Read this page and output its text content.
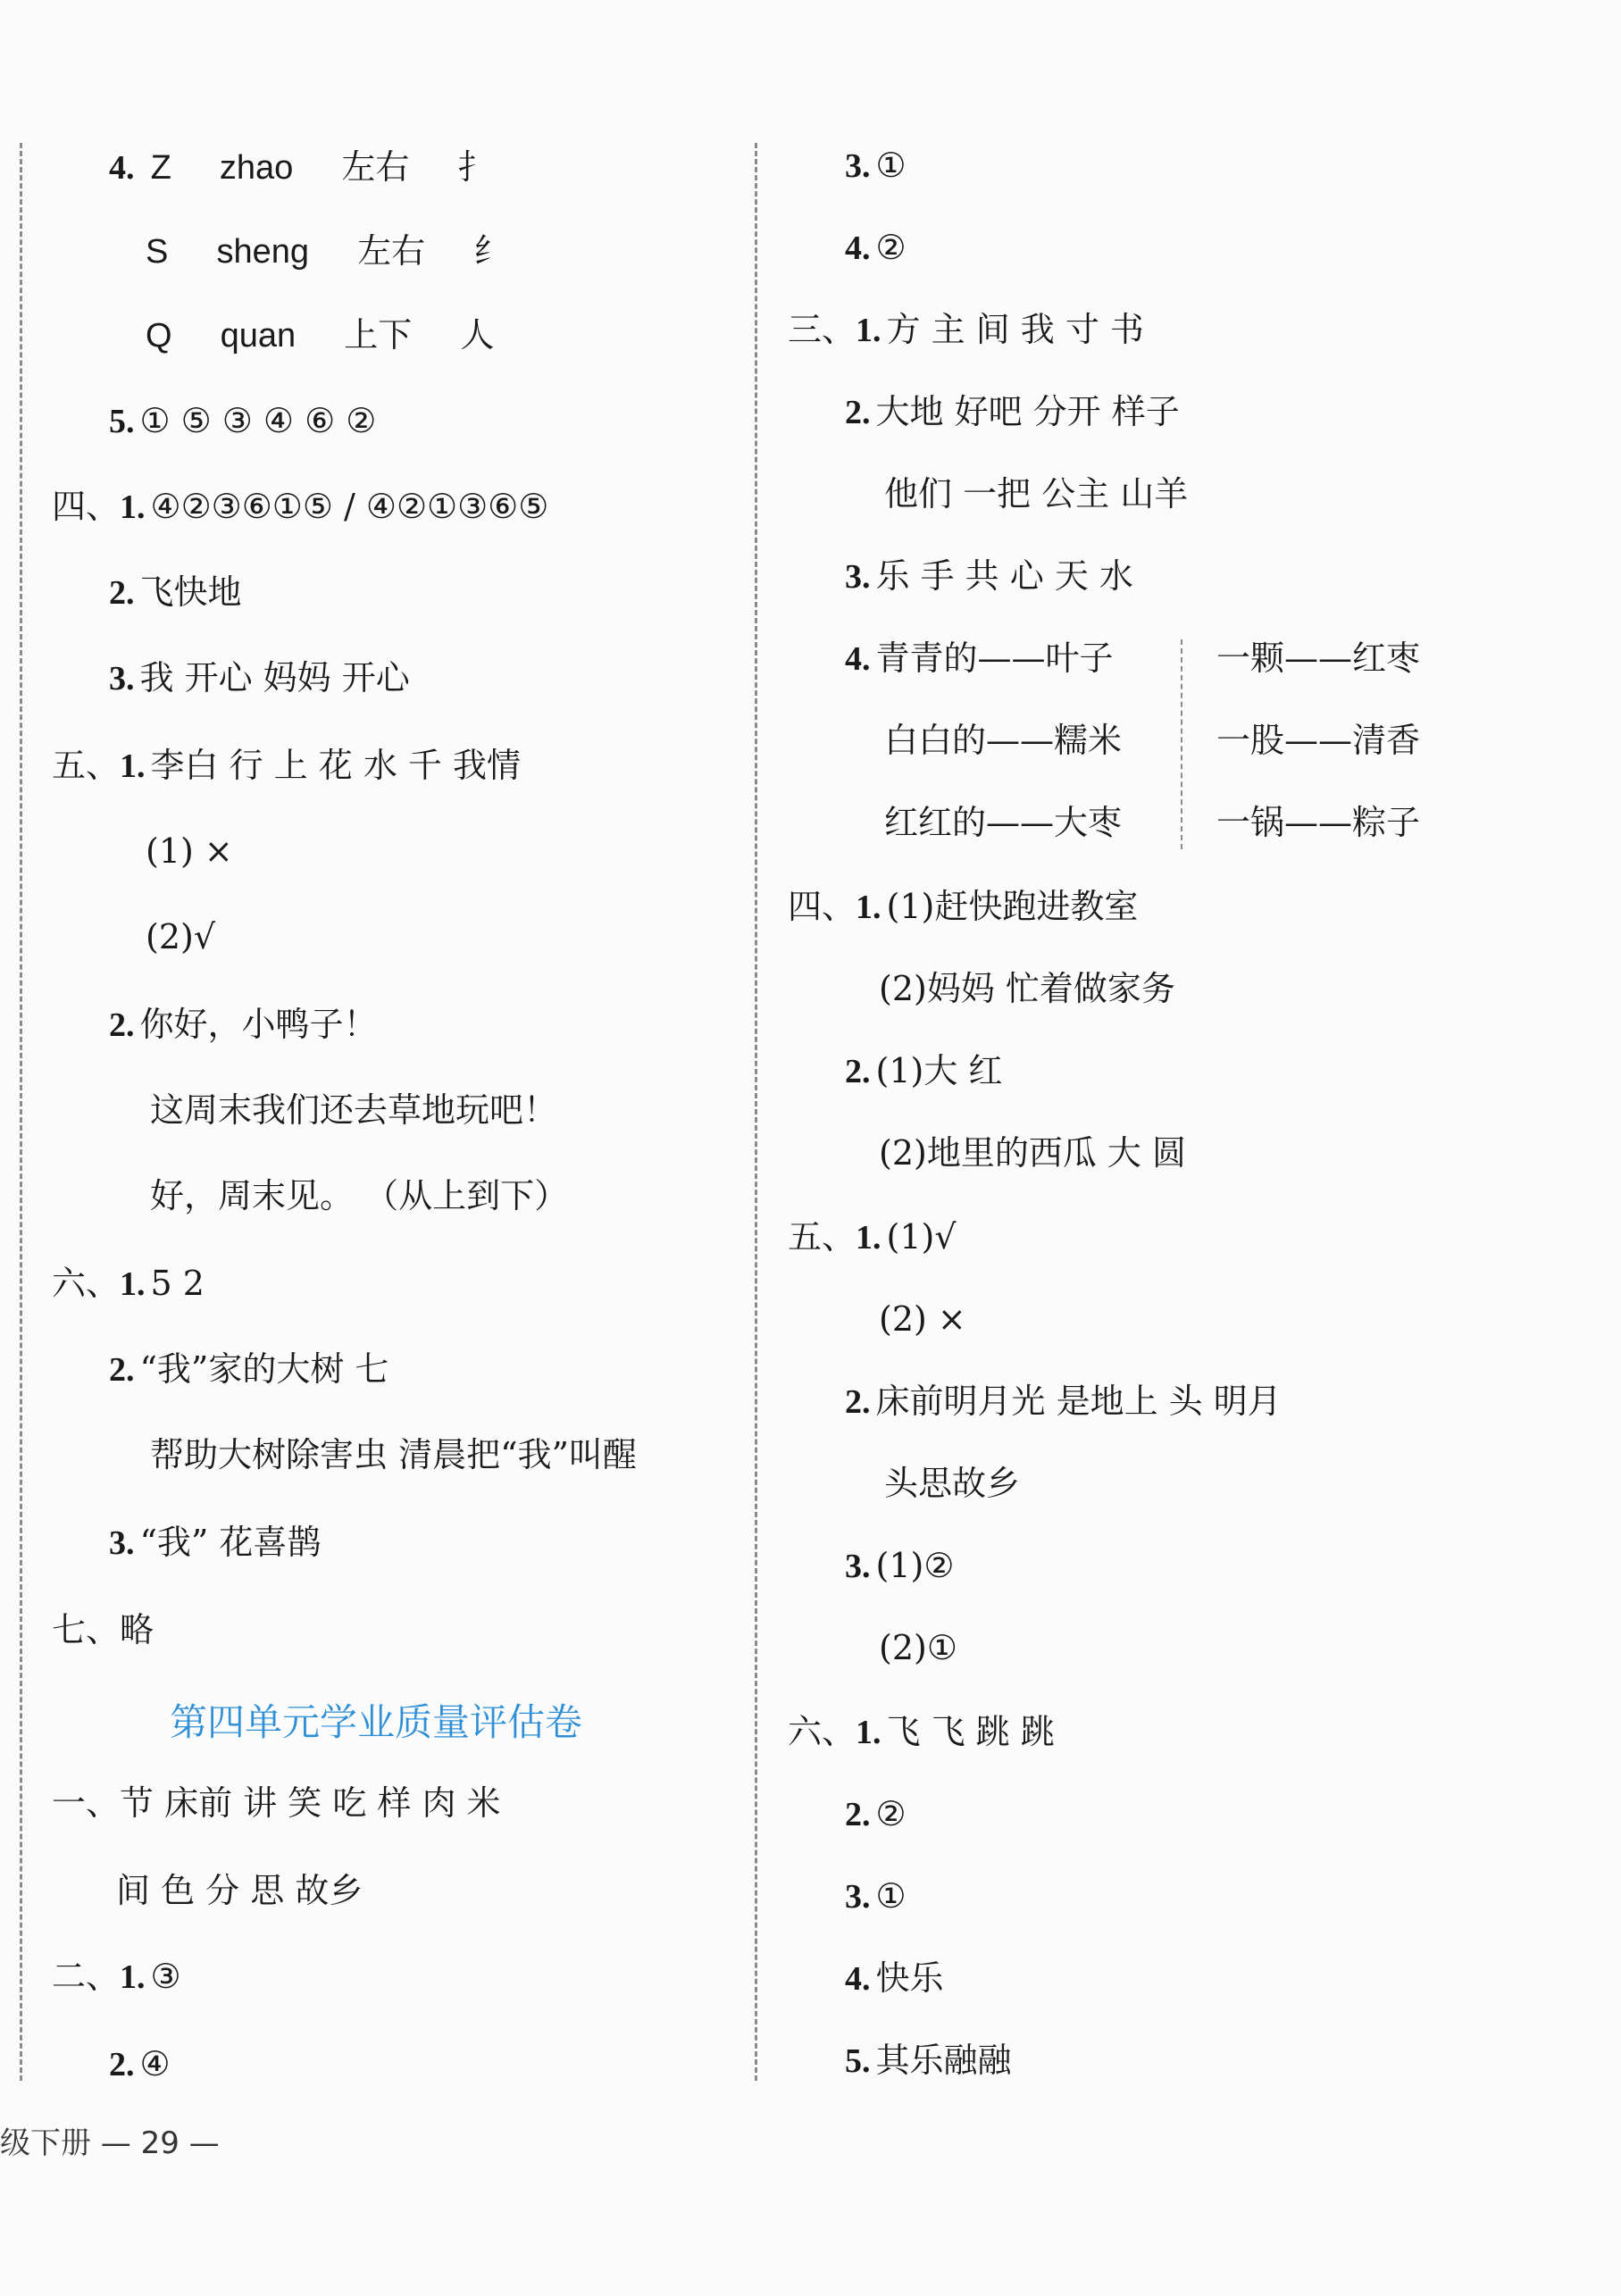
4. Z zhao 左右 扌
S sheng 左右 纟
Q quan 上下 人
5. ① ⑤ ③ ④ ⑥ ②
四、1. ④②③⑥①⑤ / ④②①③⑥⑤
2. 飞快地
3. 我 开心 妈妈 开心
五、1. 李白 行 上 花 水 千 我情
(1) ×
(2)√
2. 你好，小鸭子！
这周末我们还去草地玩吧！
好，周末见。 （从上到下）
六、1. 5 2
2. “我”家的大树 七
帮助大树除害虫 清晨把“我”叫醒
3. “我” 花喜鹊
七、略
第四单元学业质量评估卷
一、节 床前 讲 笑 吃 样 肉 米
间 色 分 思 故乡
二、1. ③
2. ④
3. ①
4. ②
三、1. 方 主 间 我 寸 书
2. 大地 好吧 分开 样子
他们 一把 公主 山羊
3. 乐 手 共 心 天 水
4. 青青的——叶子	一颗——红枣
白白的——糯米	一股——清香
红红的——大枣	一锅——粽子
四、1. (1)赶快跑进教室
(2)妈妈 忙着做家务
2. (1)大 红
(2)地里的西瓜 大 圆
五、1. (1)√
(2) ×
2. 床前明月光 是地上 头 明月
头思故乡
3. (1)②
(2)①
六、1. 飞 飞 跳 跳
2. ②
3. ①
4. 快乐
5. 其乐融融
级下册 — 29 —
